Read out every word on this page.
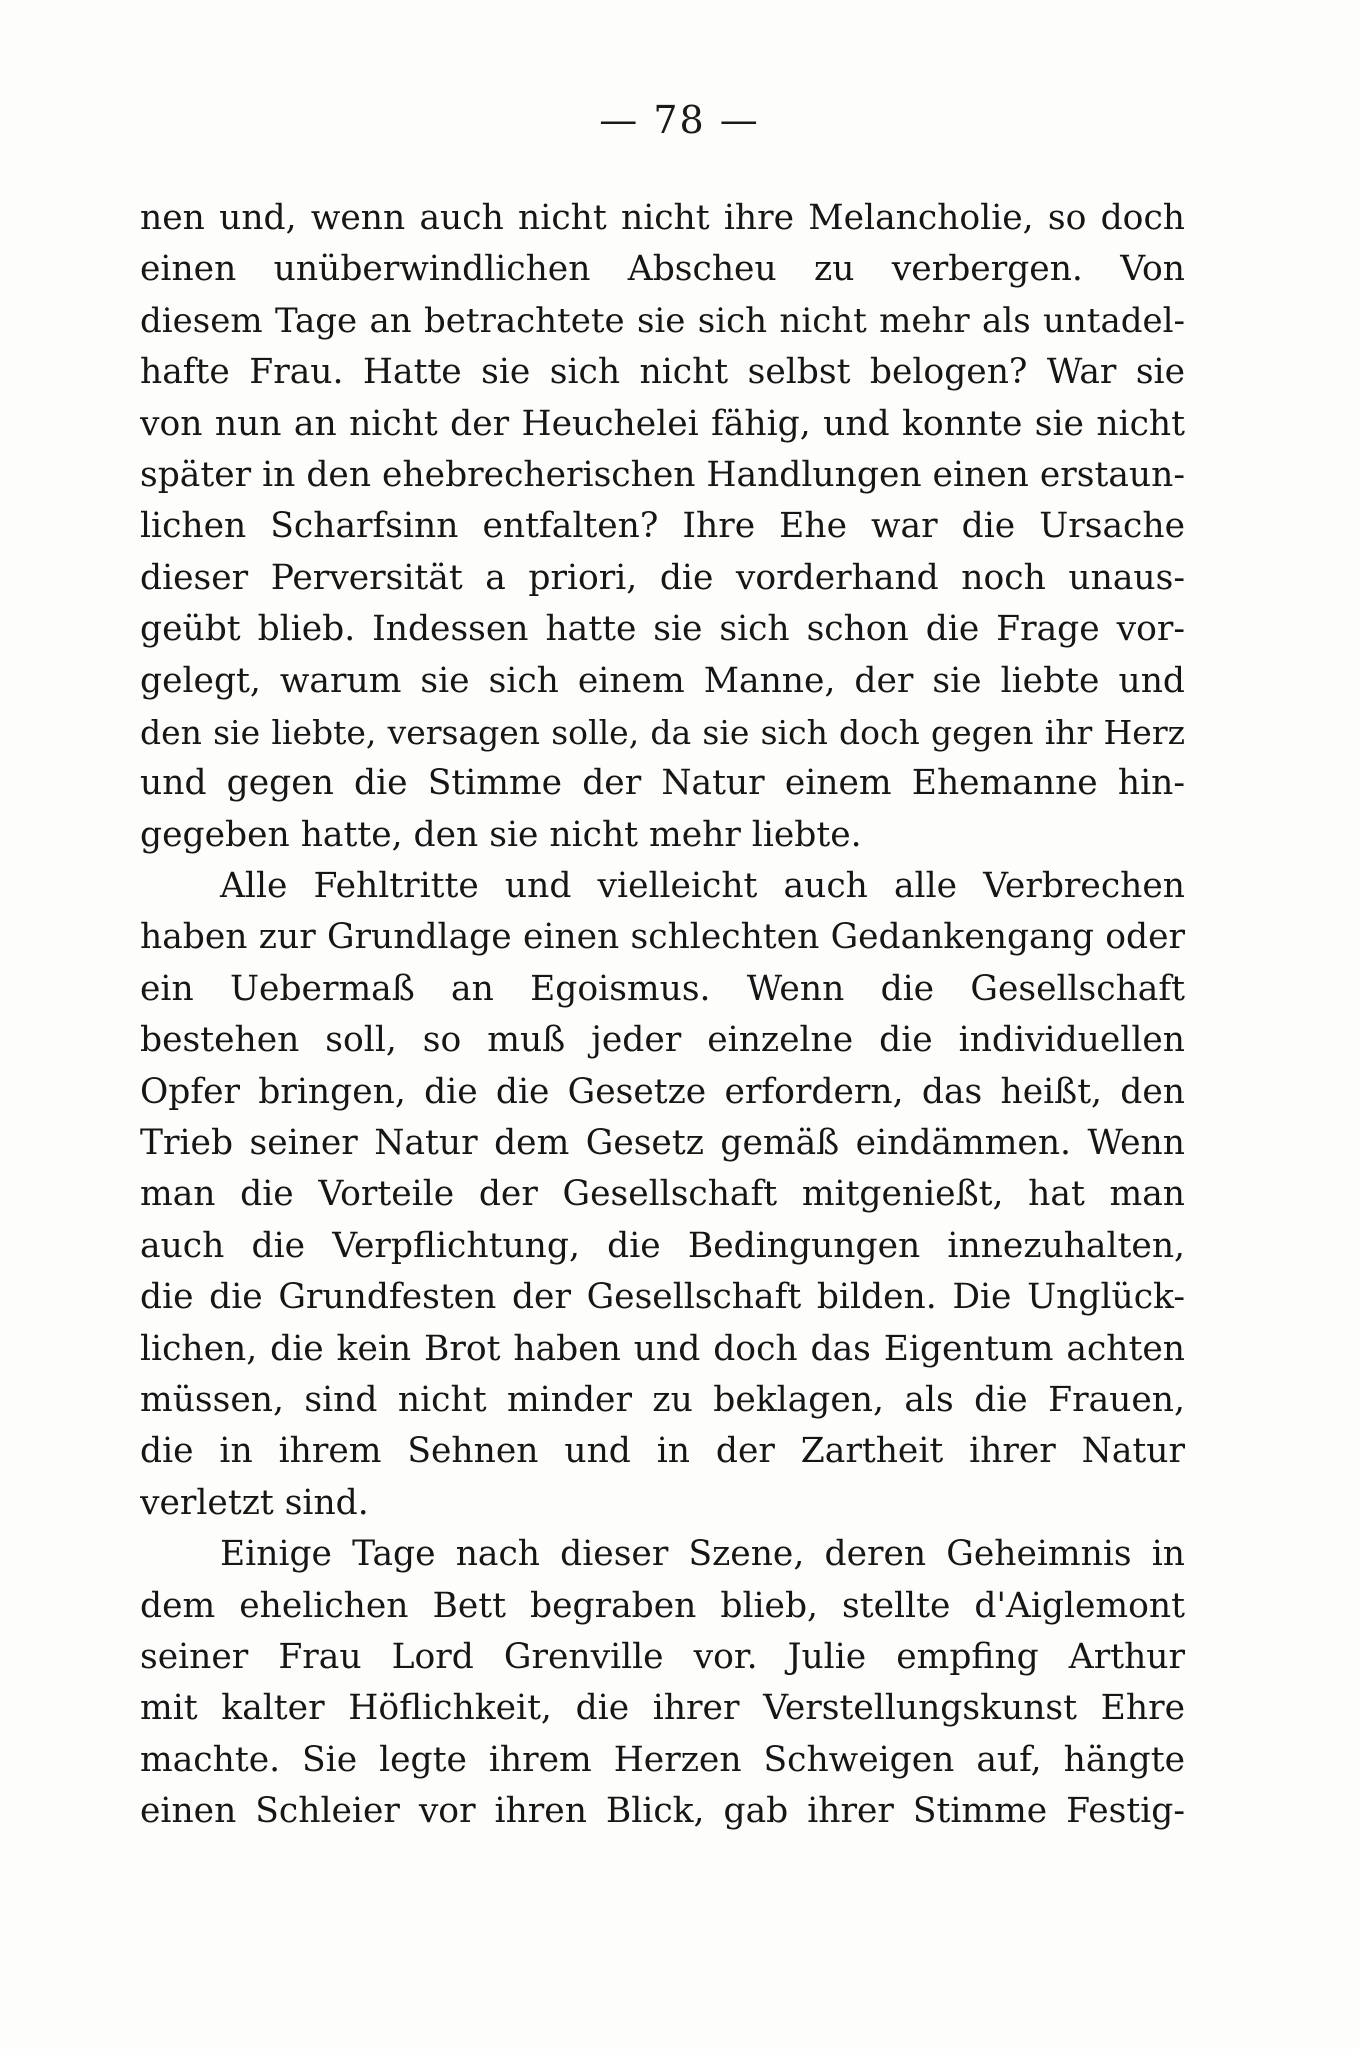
— 78 —
nen und, wenn auch nicht nicht ihre Melancholie, so doch
einen unüberwindlichen Abscheu zu verbergen. Von
diesem Tage an betrachtete sie sich nicht mehr als untadel-
hafte Frau. Hatte sie sich nicht selbst belogen? War sie
von nun an nicht der Heuchelei fähig, und konnte sie nicht
später in den ehebrecherischen Handlungen einen erstaun-
lichen Scharfsinn entfalten? Ihre Ehe war die Ursache
dieser Perversität a priori, die vorderhand noch unaus-
geübt blieb. Indessen hatte sie sich schon die Frage vor-
gelegt, warum sie sich einem Manne, der sie liebte und
den sie liebte, versagen solle, da sie sich doch gegen ihr Herz
und gegen die Stimme der Natur einem Ehemanne hin-
gegeben hatte, den sie nicht mehr liebte.
Alle Fehltritte und vielleicht auch alle Verbrechen
haben zur Grundlage einen schlechten Gedankengang oder
ein Uebermaß an Egoismus. Wenn die Gesellschaft
bestehen soll, so muß jeder einzelne die individuellen
Opfer bringen, die die Gesetze erfordern, das heißt, den
Trieb seiner Natur dem Gesetz gemäß eindämmen. Wenn
man die Vorteile der Gesellschaft mitgenießt, hat man
auch die Verpflichtung, die Bedingungen innezuhalten,
die die Grundfesten der Gesellschaft bilden. Die Unglück-
lichen, die kein Brot haben und doch das Eigentum achten
müssen, sind nicht minder zu beklagen, als die Frauen,
die in ihrem Sehnen und in der Zartheit ihrer Natur
verletzt sind.
Einige Tage nach dieser Szene, deren Geheimnis in
dem ehelichen Bett begraben blieb, stellte d'Aiglemont
seiner Frau Lord Grenville vor. Julie empfing Arthur
mit kalter Höflichkeit, die ihrer Verstellungskunst Ehre
machte. Sie legte ihrem Herzen Schweigen auf, hängte
einen Schleier vor ihren Blick, gab ihrer Stimme Festig-
